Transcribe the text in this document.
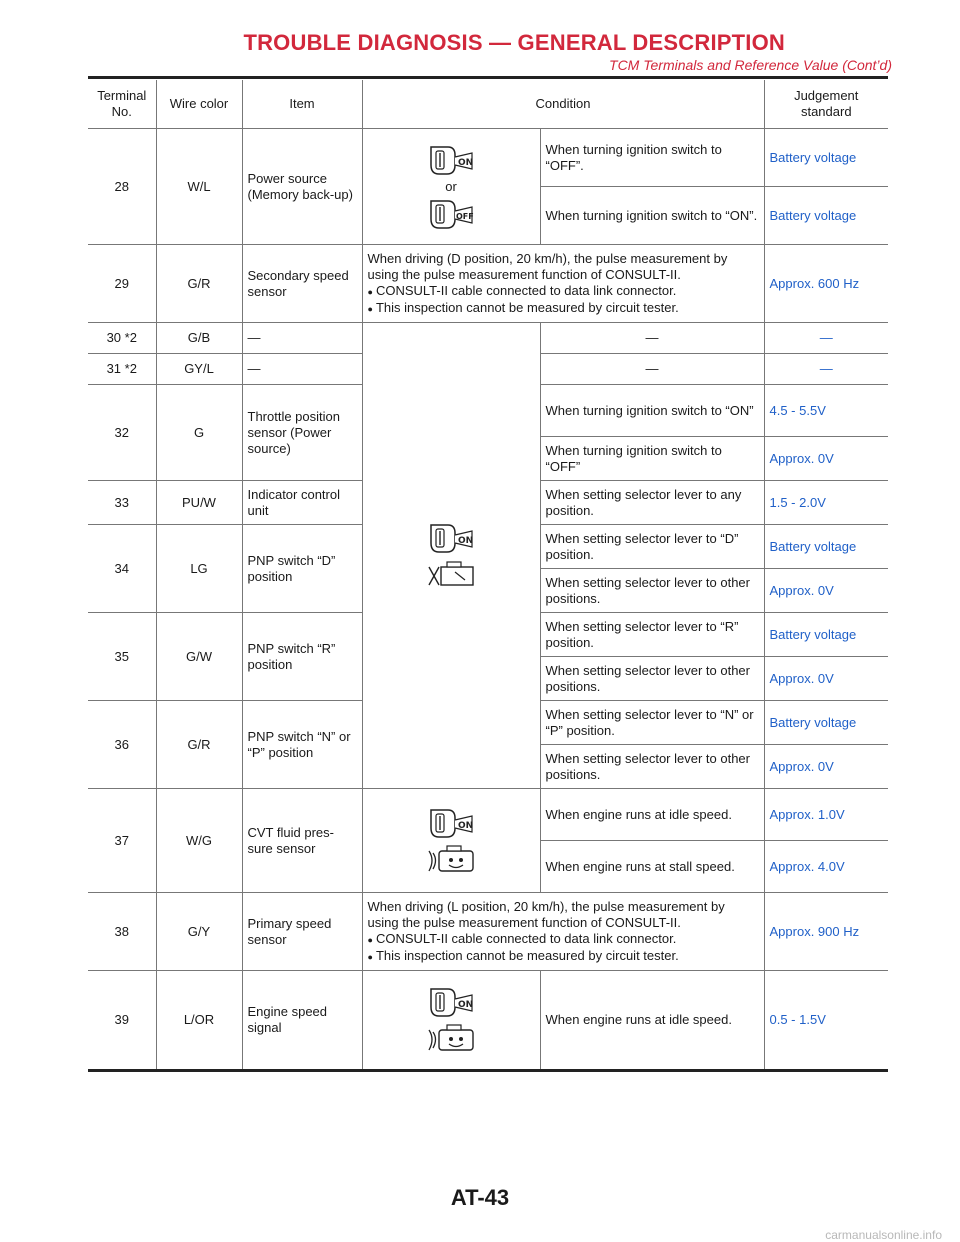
TROUBLE DIAGNOSIS — GENERAL DESCRIPTION
TCM Terminals and Reference Value (Cont’d)
Terminal No.	Wire color	Item	Condition		Judgement standard
28	W/L	Power source (Memory back-up)	ON
or
OFF	When turning ignition switch to “OFF”.	Battery voltage
				When turning ignition switch to “ON”.	Battery voltage
29	G/R	Secondary speed sensor	When driving (D position, 20 km/h), the pulse measurement by using the pulse measurement function of CONSULT-II.
● CONSULT-II cable connected to data link connector.
● This inspection cannot be measured by circuit tester.		Approx. 600 Hz
30 *2	G/B	—	ON	—	—
31 *2	GY/L	—		—	—
32	G	Throttle position sensor (Power source)		When turning ignition switch to “ON”	4.5 - 5.5V
				When turning ignition switch to “OFF”	Approx. 0V
33	PU/W	Indicator control unit		When setting selector lever to any position.	1.5 - 2.0V
34	LG	PNP switch “D” position		When setting selector lever to “D” position.	Battery voltage
				When setting selector lever to other positions.	Approx. 0V
35	G/W	PNP switch “R” position		When setting selector lever to “R” position.	Battery voltage
				When setting selector lever to other positions.	Approx. 0V
36	G/R	PNP switch “N” or “P” position		When setting selector lever to “N” or “P” position.	Battery voltage
				When setting selector lever to other positions.	Approx. 0V
37	W/G	CVT fluid pres-sure sensor	ON	When engine runs at idle speed.	Approx. 1.0V
				When engine runs at stall speed.	Approx. 4.0V
38	G/Y	Primary speed sensor	When driving (L position, 20 km/h), the pulse measurement by using the pulse measurement function of CONSULT-II.
● CONSULT-II cable connected to data link connector.
● This inspection cannot be measured by circuit tester.		Approx. 900 Hz
39	L/OR	Engine speed signal	ON	When engine runs at idle speed.	0.5 - 1.5V
AT-43
carmanualsonline.info
